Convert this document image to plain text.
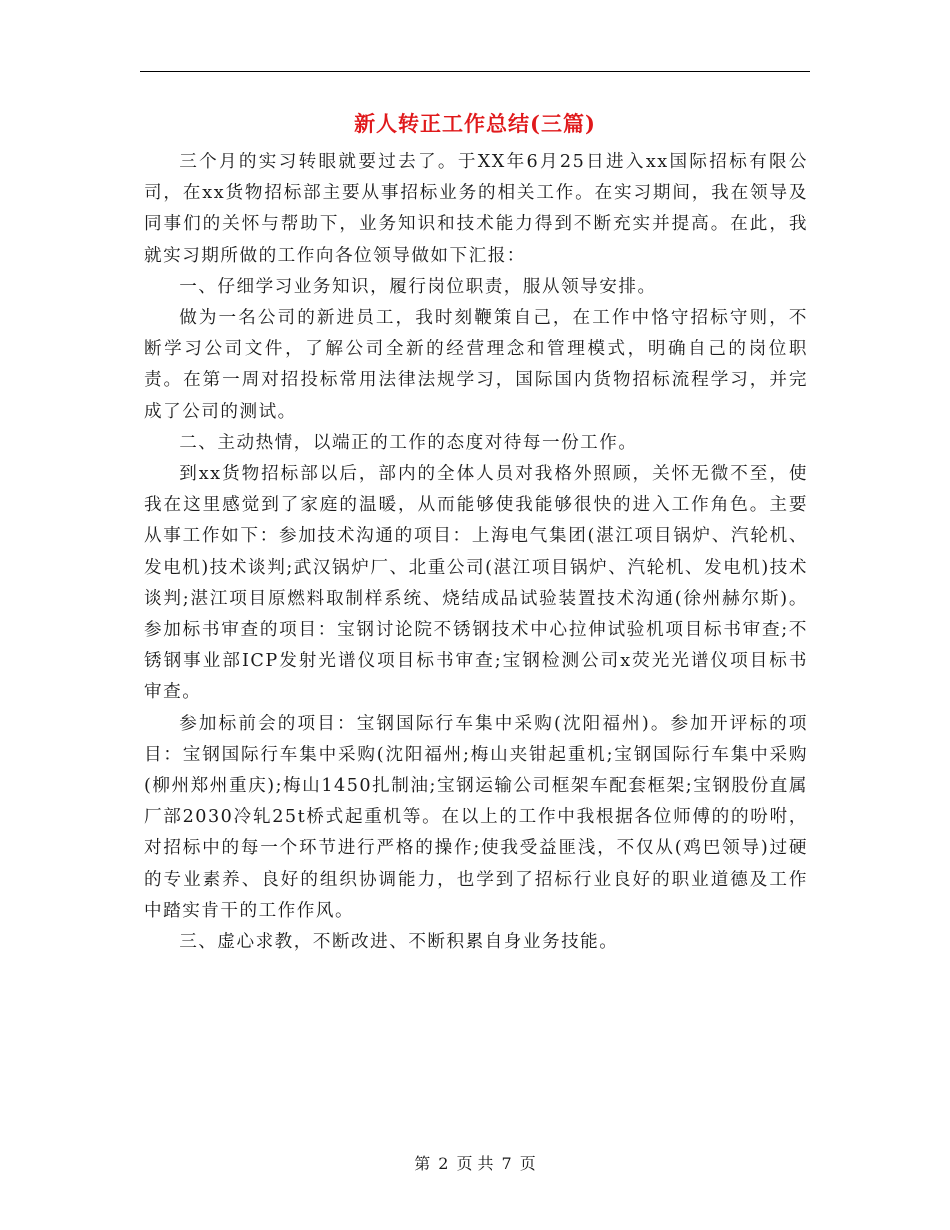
新人转正工作总结(三篇)

三个月的实习转眼就要过去了。于XX年6月25日进入xx国际招标有限公司，在xx货物招标部主要从事招标业务的相关工作。在实习期间，我在领导及同事们的关怀与帮助下，业务知识和技术能力得到不断充实并提高。在此，我就实习期所做的工作向各位领导做如下汇报：

一、仔细学习业务知识，履行岗位职责，服从领导安排。

做为一名公司的新进员工，我时刻鞭策自己，在工作中恪守招标守则，不断学习公司文件，了解公司全新的经营理念和管理模式，明确自己的岗位职责。在第一周对招投标常用法律法规学习，国际国内货物招标流程学习，并完成了公司的测试。

二、主动热情，以端正的工作的态度对待每一份工作。

到xx货物招标部以后，部内的全体人员对我格外照顾，关怀无微不至，使我在这里感觉到了家庭的温暖，从而能够使我能够很快的进入工作角色。主要从事工作如下：参加技术沟通的项目：上海电气集团(湛江项目锅炉、汽轮机、发电机)技术谈判;武汉锅炉厂、北重公司(湛江项目锅炉、汽轮机、发电机)技术谈判;湛江项目原燃料取制样系统、烧结成品试验装置技术沟通(徐州赫尔斯)。参加标书审查的项目：宝钢讨论院不锈钢技术中心拉伸试验机项目标书审查;不锈钢事业部ICP发射光谱仪项目标书审查;宝钢检测公司x荧光光谱仪项目标书审查。

参加标前会的项目：宝钢国际行车集中采购(沈阳福州)。参加开评标的项目：宝钢国际行车集中采购(沈阳福州;梅山夹钳起重机;宝钢国际行车集中采购(柳州郑州重庆);梅山1450扎制油;宝钢运输公司框架车配套框架;宝钢股份直属厂部2030冷轧25t桥式起重机等。在以上的工作中我根据各位师傅的的吩咐，对招标中的每一个环节进行严格的操作;使我受益匪浅，不仅从(鸡巴领导)过硬的专业素养、良好的组织协调能力，也学到了招标行业良好的职业道德及工作中踏实肯干的工作作风。

三、虚心求教，不断改进、不断积累自身业务技能。

第 2 页 共 7 页
